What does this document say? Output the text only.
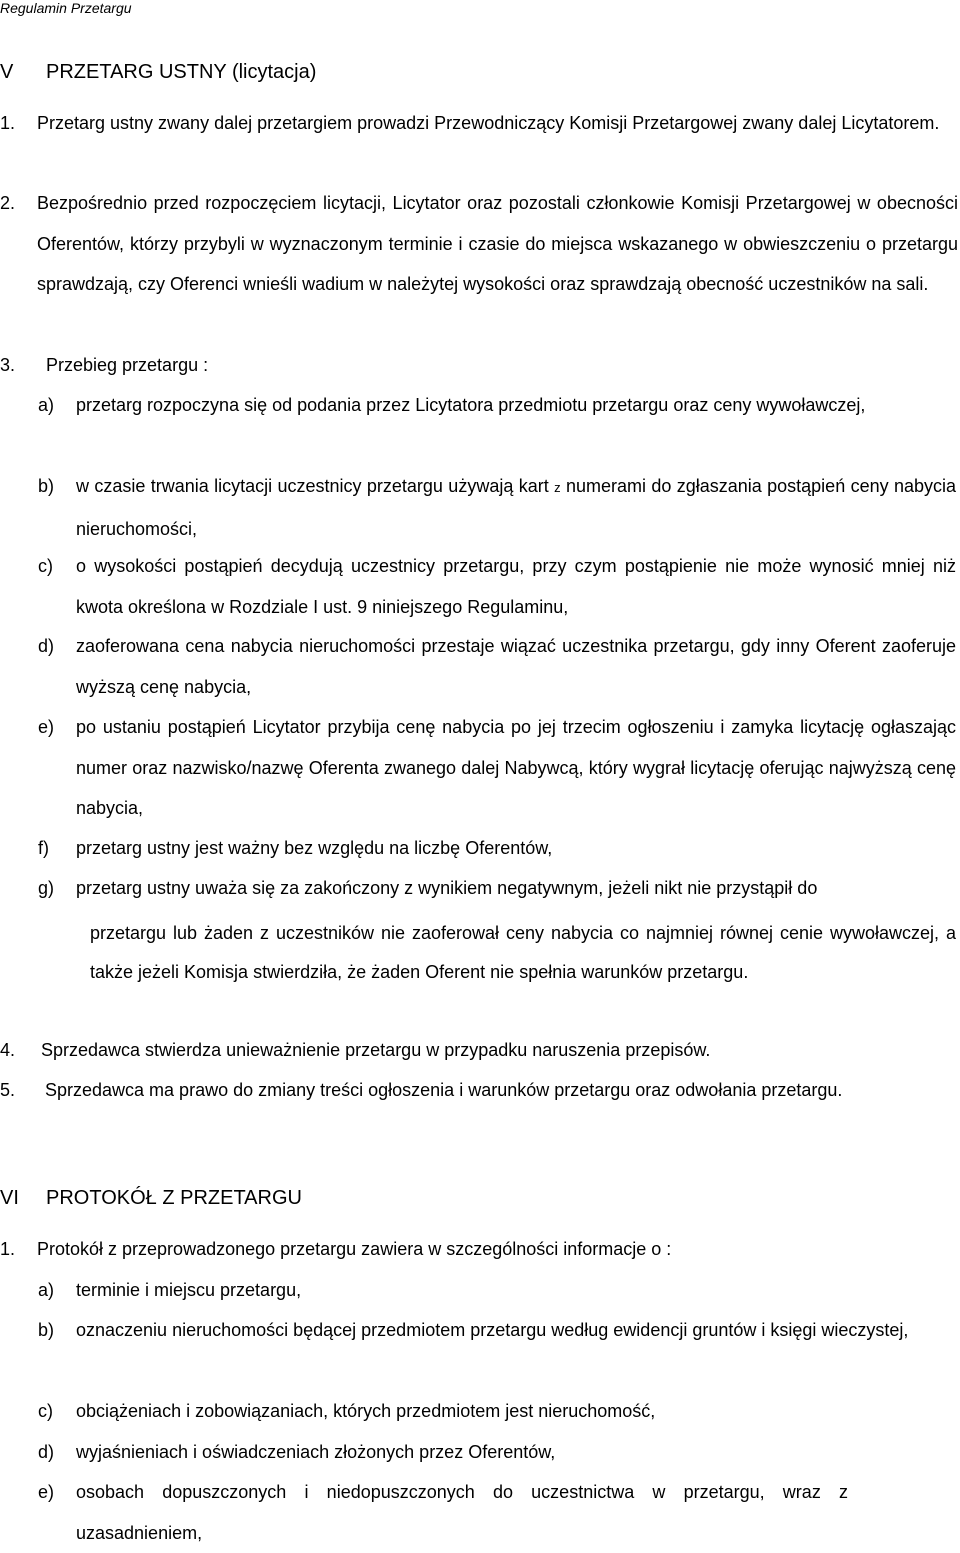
Regulamin Przetargu
V PRZETARG USTNY (licytacja)
1.	Przetarg ustny zwany dalej przetargiem prowadzi Przewodniczący Komisji Przetargowej zwany dalej Licytatorem.
2.	Bezpośrednio przed rozpoczęciem licytacji, Licytator oraz pozostali członkowie Komisji Przetargowej w obecności Oferentów, którzy przybyli w wyznaczonym terminie i czasie do miejsca wskazanego w obwieszczeniu o przetargu sprawdzają, czy Oferenci wnieśli wadium w należytej wysokości oraz sprawdzają obecność uczestników na sali.
3.	Przebieg przetargu :
a)	przetarg rozpoczyna się od podania przez Licytatora przedmiotu przetargu oraz ceny wywoławczej,
b)	w czasie trwania licytacji uczestnicy przetargu używają kart z numerami do zgłaszania postąpień ceny nabycia nieruchomości,
c)	o wysokości postąpień decydują uczestnicy przetargu, przy czym postąpienie nie może wynosić mniej niż kwota określona w Rozdziale I ust. 9 niniejszego Regulaminu,
d)	zaoferowana cena nabycia nieruchomości przestaje wiązać uczestnika przetargu, gdy inny Oferent zaoferuje wyższą cenę nabycia,
e)	po ustaniu postąpień Licytator przybija cenę nabycia po jej trzecim ogłoszeniu i zamyka licytację ogłaszając numer oraz nazwisko/nazwę Oferenta zwanego dalej Nabywcą, który wygrał licytację oferując najwyższą cenę nabycia,
f)	przetarg ustny jest ważny bez względu na liczbę Oferentów,
g)	przetarg ustny uważa się za zakończony z wynikiem negatywnym, jeżeli nikt nie przystąpił do
przetargu lub żaden z uczestników nie zaoferował ceny nabycia co najmniej równej cenie wywoławczej, a także jeżeli Komisja stwierdziła, że żaden Oferent nie spełnia warunków przetargu.
4.	Sprzedawca stwierdza unieważnienie przetargu w przypadku naruszenia przepisów.
5.	Sprzedawca ma prawo do zmiany treści ogłoszenia i warunków przetargu oraz odwołania przetargu.
VI PROTOKÓŁ Z PRZETARGU
1.	Protokół z przeprowadzonego przetargu zawiera w szczególności informacje o :
a)	terminie i miejscu przetargu,
b)	oznaczeniu nieruchomości będącej przedmiotem przetargu według ewidencji gruntów i księgi wieczystej,
c)	obciążeniach i zobowiązaniach, których przedmiotem jest nieruchomość,
d)	wyjaśnieniach i oświadczeniach złożonych przez Oferentów,
e)	osobach dopuszczonych i niedopuszczonych do uczestnictwa w przetargu, wraz z uzasadnieniem,
